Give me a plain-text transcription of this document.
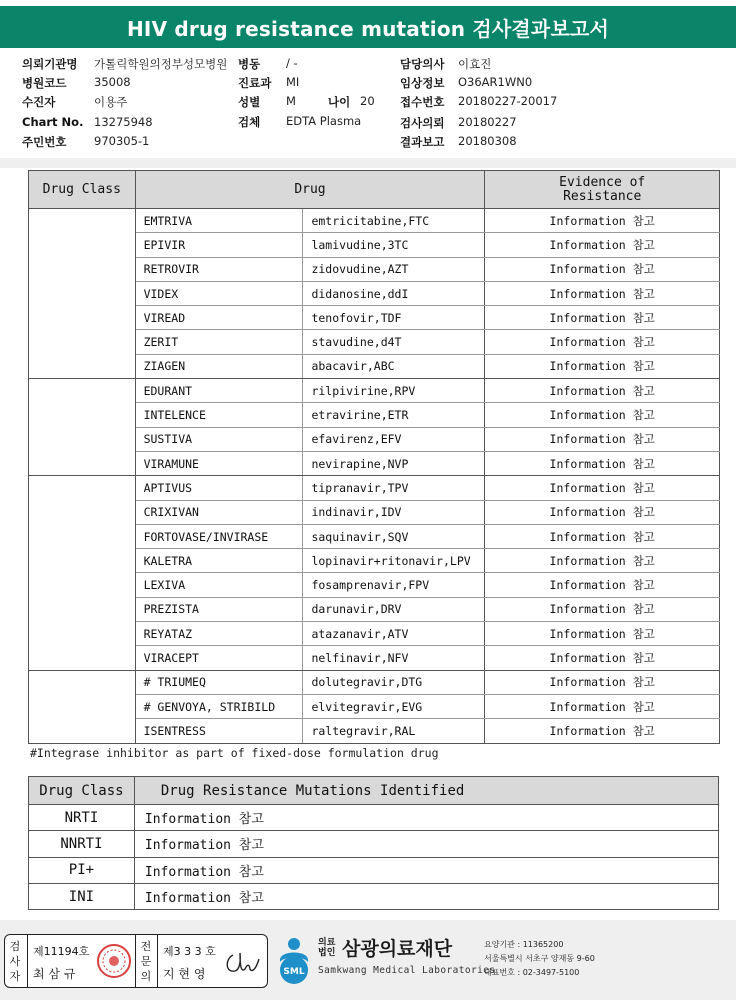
HIV drug resistance mutation 검사결과보고서
의뢰기관명 가톨릭학원의정부성모병원
병원코드 35008
수진자	이용주
Chart No. 13275948
주민번호 970305-1
병동 / -
진료과 MI
성별 M	나이 20
검체 EDTA Plasma
담당의사 이효진
임상정보 O36AR1WN0
접수번호 20180227-20017
검사의뢰 20180227
결과보고 20180308
Drug Class	Drug		Evidence of
Resistance
	EMTRIVA	emtricitabine,FTC	Information 참고
	EPIVIR	lamivudine,3TC	Information 참고
	RETROVIR	zidovudine,AZT	Information 참고
	VIDEX	didanosine,ddI	Information 참고
	VIREAD	tenofovir,TDF	Information 참고
	ZERIT	stavudine,d4T	Information 참고
	ZIAGEN	abacavir,ABC	Information 참고
	EDURANT	rilpivirine,RPV	Information 참고
	INTELENCE	etravirine,ETR	Information 참고
	SUSTIVA	efavirenz,EFV	Information 참고
	VIRAMUNE	nevirapine,NVP	Information 참고
	APTIVUS	tipranavir,TPV	Information 참고
	CRIXIVAN	indinavir,IDV	Information 참고
	FORTOVASE/INVIRASE	saquinavir,SQV	Information 참고
	KALETRA	lopinavir+ritonavir,LPV	Information 참고
	LEXIVA	fosamprenavir,FPV	Information 참고
	PREZISTA	darunavir,DRV	Information 참고
	REYATAZ	atazanavir,ATV	Information 참고
	VIRACEPT	nelfinavir,NFV	Information 참고
	# TRIUMEQ	dolutegravir,DTG	Information 참고
	# GENVOYA, STRIBILD	elvitegravir,EVG	Information 참고
	ISENTRESS	raltegravir,RAL	Information 참고
#Integrase inhibitor as part of fixed-dose formulation drug
Drug Class	Drug Resistance Mutations Identified
NRTI	Information 참고
NNRTI	Information 참고
PI+	Information 참고
INI	Information 참고
검
사
자
제11194호
최 삼 규
전
문
의
제3 3 3 호
지 현 영	SML
의료법인 삼광의료재단
Samkwang Medical Laboratories
요양기관 : 11365200
서울특별시 서초구 양재동 9-60
대표번호 : 02-3497-5100
